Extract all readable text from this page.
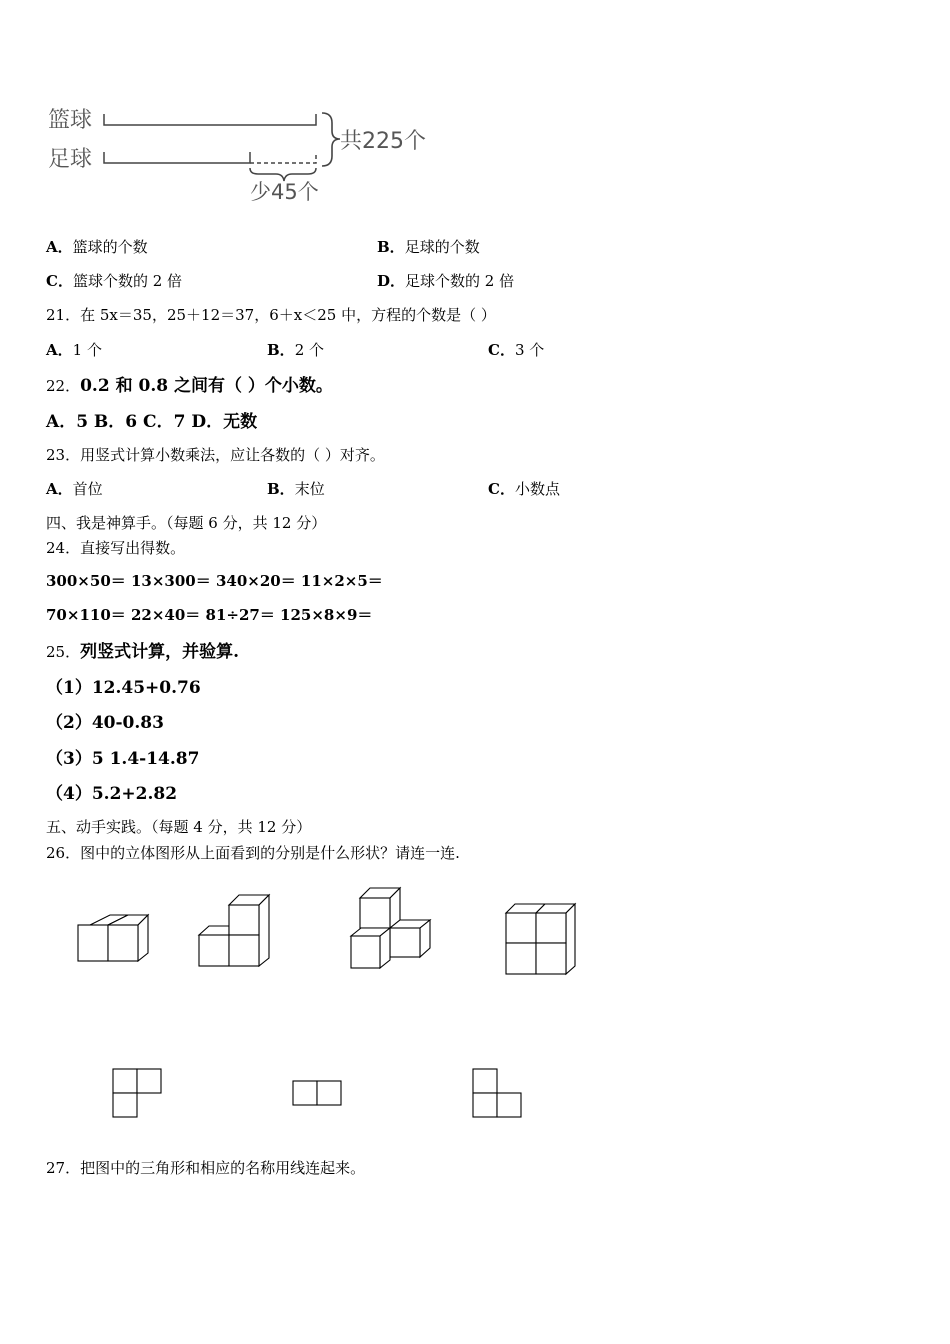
篮球
足球
共225个
少45个
A．篮球的个数	B．足球的个数
C．篮球个数的 2 倍	D．足球个数的 2 倍
21．在 5x＝35，25＋12＝37，6＋x＜25 中，方程的个数是（ ）
A．1 个	B．2 个	C．3 个
22．0.2 和 0.8 之间有（ ）个小数。
A．5 B．6 C．7 D．无数
23．用竖式计算小数乘法，应让各数的（ ）对齐。
A．首位	B．末位	C．小数点
四、我是神算手。（每题 6 分，共 12 分）
24．直接写出得数。
300×50＝ 13×300＝ 340×20＝ 11×2×5＝
70×110＝ 22×40＝ 81÷27＝ 125×8×9＝
25．列竖式计算，并验算.
（1）12.45+0.76
（2）40-0.83
（3）5 1.4-14.87
（4）5.2+2.82
五、动手实践。（每题 4 分，共 12 分）
26．图中的立体图形从上面看到的分别是什么形状？请连一连.
27．把图中的三角形和相应的名称用线连起来。
